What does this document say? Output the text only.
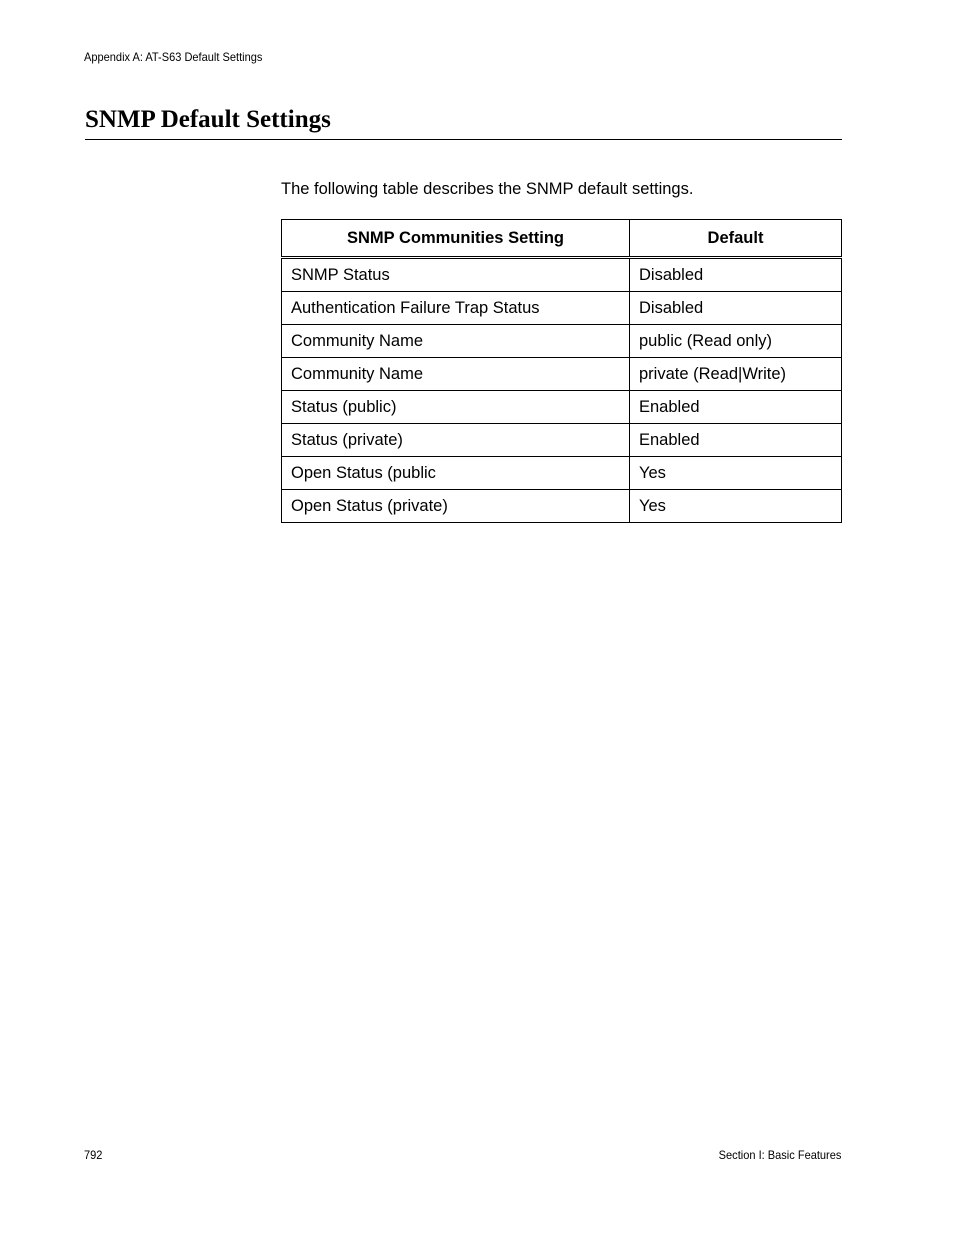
Appendix A: AT-S63 Default Settings
SNMP Default Settings

The following table describes the SNMP default settings.

SNMP Communities Setting	Default
SNMP Status	Disabled
Authentication Failure Trap Status	Disabled
Community Name	public (Read only)
Community Name	private (Read|Write)
Status (public)	Enabled
Status (private)	Enabled
Open Status (public	Yes
Open Status (private)	Yes
792	Section I: Basic Features
